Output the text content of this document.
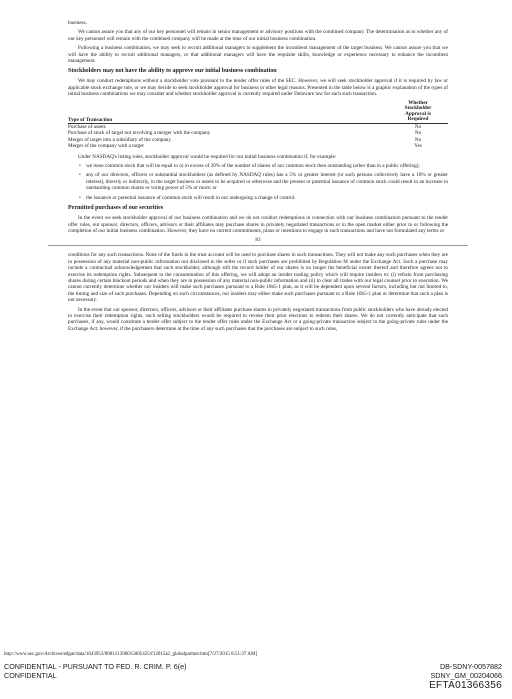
business.

We cannot assure you that any of our key personnel will remain in senior management or advisory positions with the combined company. The determination as to whether any of our key personnel will remain with the combined company will be made at the time of our initial business combination.

Following a business combination, we may seek to recruit additional managers to supplement the incumbent management of the target business. We cannot assure you that we will have the ability to recruit additional managers, or that additional managers will have the requisite skills, knowledge or experience necessary to enhance the incumbent management.

Stockholders may not have the ability to approve our initial business combination

We may conduct redemptions without a stockholder vote pursuant to the tender offer rules of the SEC. However, we will seek stockholder approval if it is required by law or applicable stock exchange rule, or we may decide to seek stockholder approval for business or other legal reasons. Presented in the table below is a graphic explanation of the types of initial business combinations we may consider and whether stockholder approval is currently required under Delaware law for each such transaction.

Type of Transaction	Whether
Stockholder
Approval is
Required

Purchase of assets	No
Purchase of stock of target not involving a merger with the company	No
Merger of target into a subsidiary of the company	No
Merger of the company with a target	Yes

Under NASDAQ's listing rules, stockholder approval would be required for our initial business combination if, for example:

• we issue common stock that will be equal to or in excess of 20% of the number of shares of our common stock then outstanding (other than in a public offering);
• any of our directors, officers or substantial stockholders (as defined by NASDAQ rules) has a 5% or greater interest (or such persons collectively have a 10% or greater interest), directly or indirectly, in the target business or assets to be acquired or otherwise and the present or potential issuance of common stock could result in an increase in outstanding common shares or voting power of 5% or more; or
• the issuance or potential issuance of common stock will result in our undergoing a change of control.
Permitted purchases of our securities

In the event we seek stockholder approval of our business combination and we do not conduct redemptions in connection with our business combination pursuant to the tender offer rules, our sponsor, directors, officers, advisors or their affiliates may purchase shares in privately negotiated transactions or in the open market either prior to or following the completion of our initial business combination. However, they have no current commitments, plans or intentions to engage in such transactions and have not formulated any terms or

83

conditions for any such transactions. None of the funds in the trust account will be used to purchase shares in such transactions. They will not make any such purchases when they are in possession of any material non-public information not disclosed to the seller or if such purchases are prohibited by Regulation M under the Exchange Act. Such a purchase may include a contractual acknowledgement that such stockholder, although still the record holder of our shares is no longer the beneficial owner thereof and therefore agrees not to exercise its redemption rights. Subsequent to the consummation of this offering, we will adopt an insider trading policy which will require insiders to: (i) refrain from purchasing shares during certain blackout periods and when they are in possession of any material non-public information and (ii) to clear all trades with our legal counsel prior to execution. We cannot currently determine whether our insiders will make such purchases pursuant to a Rule 10b5-1 plan, as it will be dependent upon several factors, including but not limited to, the timing and size of such purchases. Depending on such circumstances, our insiders may either make such purchases pursuant to a Rule 10b5-1 plan or determine that such a plan is not necessary.

In the event that our sponsor, directors, officers, advisors or their affiliates purchase shares in privately negotiated transactions from public stockholders who have already elected to exercise their redemption rights, such selling stockholders would be required to revoke their prior elections to redeem their shares. We do not currently anticipate that such purchases, if any, would constitute a tender offer subject to the tender offer rules under the Exchange Act or a going-private transaction subject to the going-private rules under the Exchange Act; however, if the purchasers determine at the time of any such purchases that the purchases are subject to such rules,

http://www.sec.gov/Archives/edgar/data/1643953/000121390015005425/f12015a2_globalpartner.htm[7/27/2015 8:51:37 AM]
CONFIDENTIAL - PURSUANT TO FED. R. CRIM. P. 6(e)
CONFIDENTIAL
DB-SDNY-0057882
SDNY_GM_00204066
EFTA01366356
